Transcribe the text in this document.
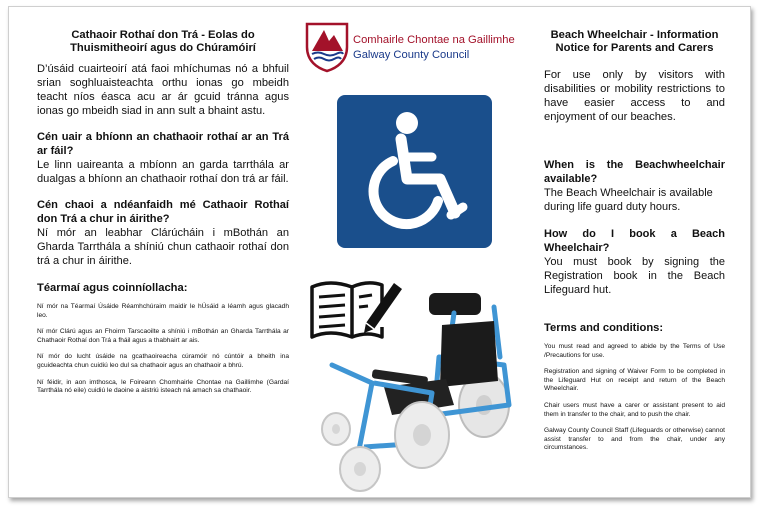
Cathaoir Rothaí don Trá - Eolas do Thuismitheoirí agus do Chúramóirí

D’úsáid cuairteoirí atá faoi mhíchumas nó a bhfuil srian soghluaisteachta orthu ionas go mbeidh teacht níos éasca acu ar ár gcuid tránna agus ionas go mbeidh siad in ann sult a bhaint astu.

Cén uair a bhíonn an chathaoir rothaí ar an Trá ar fáil?

Le linn uaireanta a mbíonn an garda tarrthála ar dualgas a bhíonn an chathaoir rothaí don trá ar fáil.

Cén chaoi a ndéanfaidh mé Cathaoir Rothaí don Trá a chur in áirithe?

Ní mór an leabhar Clárúcháin i mBothán an Gharda Tarrthála a shíniú chun cathaoir rothaí don trá a chur in áirithe.

Téarmaí agus coinníollacha:

Ní mór na Téarmaí Úsáide Réamhchúraim maidir le hÚsáid a léamh agus glacadh leo.

Ní mór Clárú agus an Fhoirm Tarscaoilte a shíniú i mBothán an Gharda Tarrthála ar Chathaoir Rothaí don Trá a fháil agus a thabhairt ar ais.

Ní mór do lucht úsáide na gcathaoireacha cúramóir nó cúntóir a bheith ina gcuideachta chun cuidiú leo dul sa chathaoir agus an chathaoir a bhrú.

Ní féidir, in aon imthosca, le Foireann Chomhairle Chontae na Gaillimhe (Gardaí Tarrthála nó eile) cuidiú le daoine a aistriú isteach ná amach sa chathaoir.

Comhairle Chontae na Gaillimhe
Galway County Council
Beach Wheelchair - Information Notice for Parents and Carers

For use only by visitors with disabilities or mobility restrictions to have easier access to and enjoyment of our beaches.

When is the Beachwheelchair available?

The Beach Wheelchair is available during life guard duty hours.

How do I book a Beach Wheelchair?

You must book by signing the Registration book in the Beach Lifeguard hut.

Terms and conditions:

You must read and agreed to abide by the Terms of Use /Precautions for use.

Registration and signing of Waiver Form to be completed in the Lifeguard Hut on receipt and return of the Beach Wheelchair.

Chair users must have a carer or assistant present to aid them in transfer to the chair, and to push the chair.

Galway County Council Staff (Lifeguards or otherwise) cannot assist transfer to and from the chair, under any circumstances.
